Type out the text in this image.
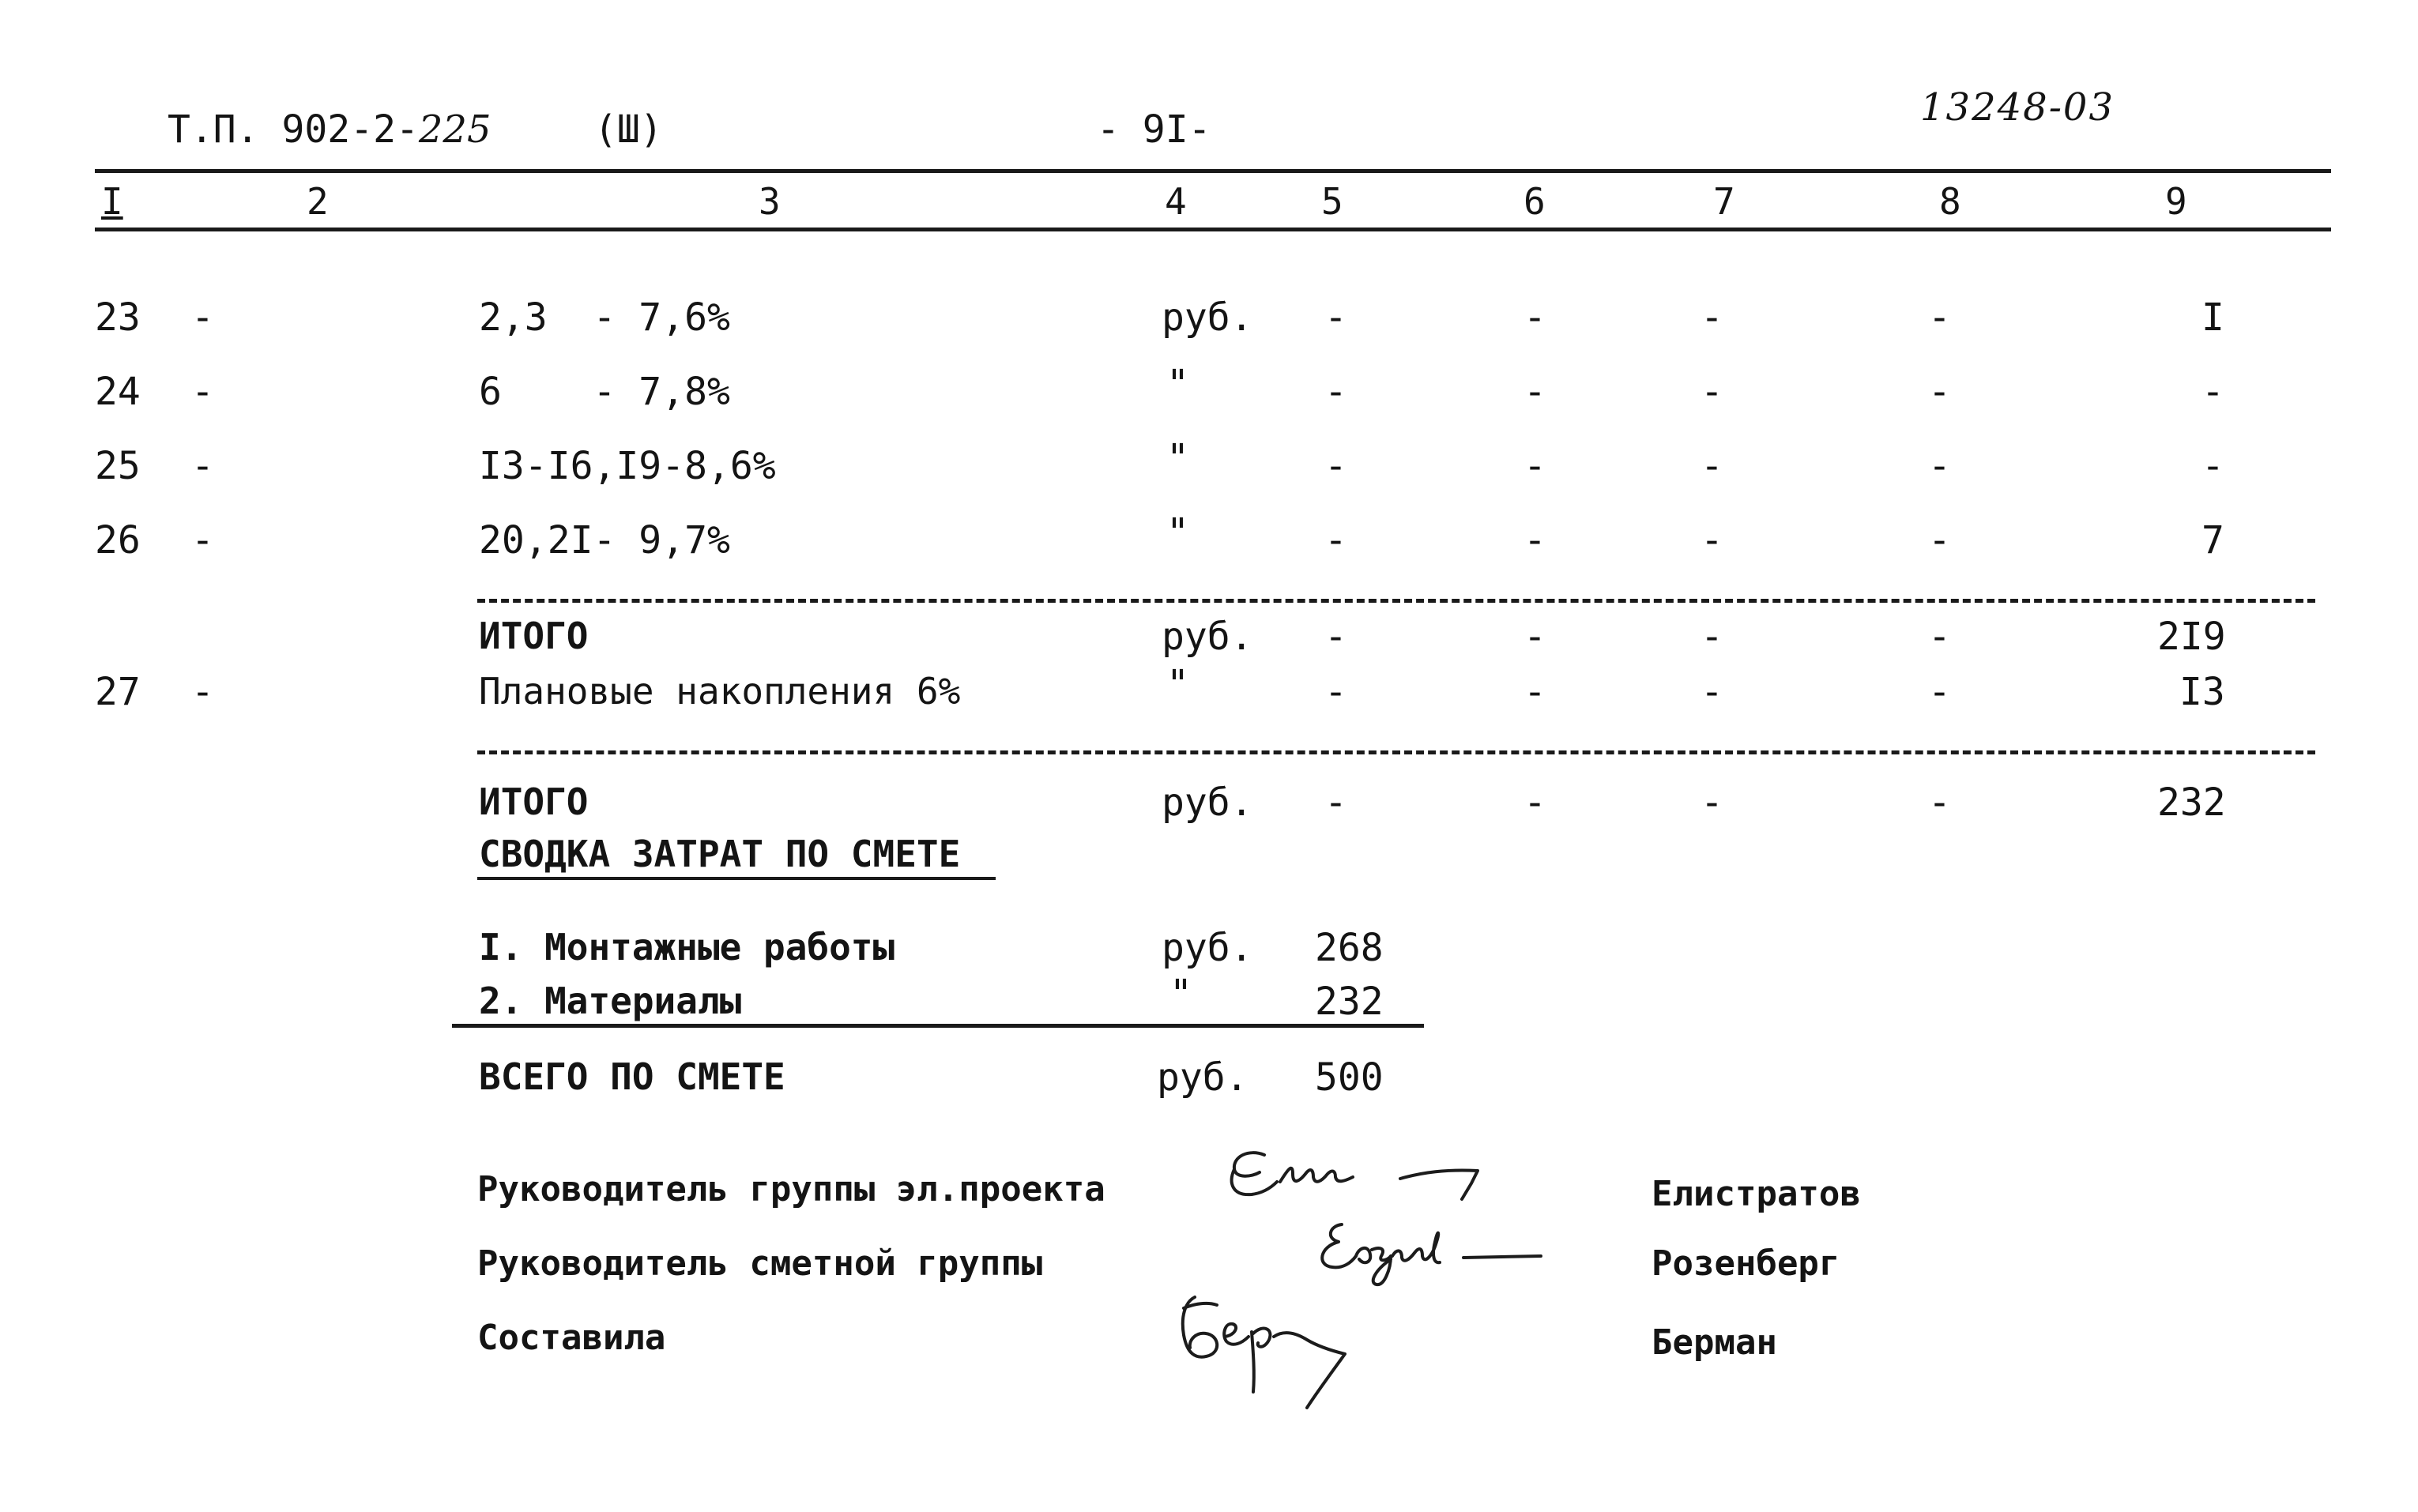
Т.П. 902-2-225	(Ш)	- 9I-	13248-03
I	2	3	4	5	6	7	8	9
23 -	2,3  - 7,6%	руб. -	-	-	-	I
24 -	6    - 7,8%	"	-	-	-	-	-
25 -	I3-I6,I9-8,6%	"	-	-	-	-	-
26 -	20,2I- 9,7%	"	-	-	-	-	7
ИТОГО	руб. -	-	-	-	2I9
27 -	Плановые накопления 6%	"	-	-	-	-	I3
ИТОГО	руб. -	-	-	-	232
СВОДКА ЗАТРАТ ПО СМЕТЕ
I. Монтажные работы	руб. 268
2. Материалы	"	232
ВСЕГО ПО СМЕТЕ	руб. 500
Руководитель группы эл.проекта	Елистратов
Руководитель сметной группы	Розенберг
Составила	Берман
